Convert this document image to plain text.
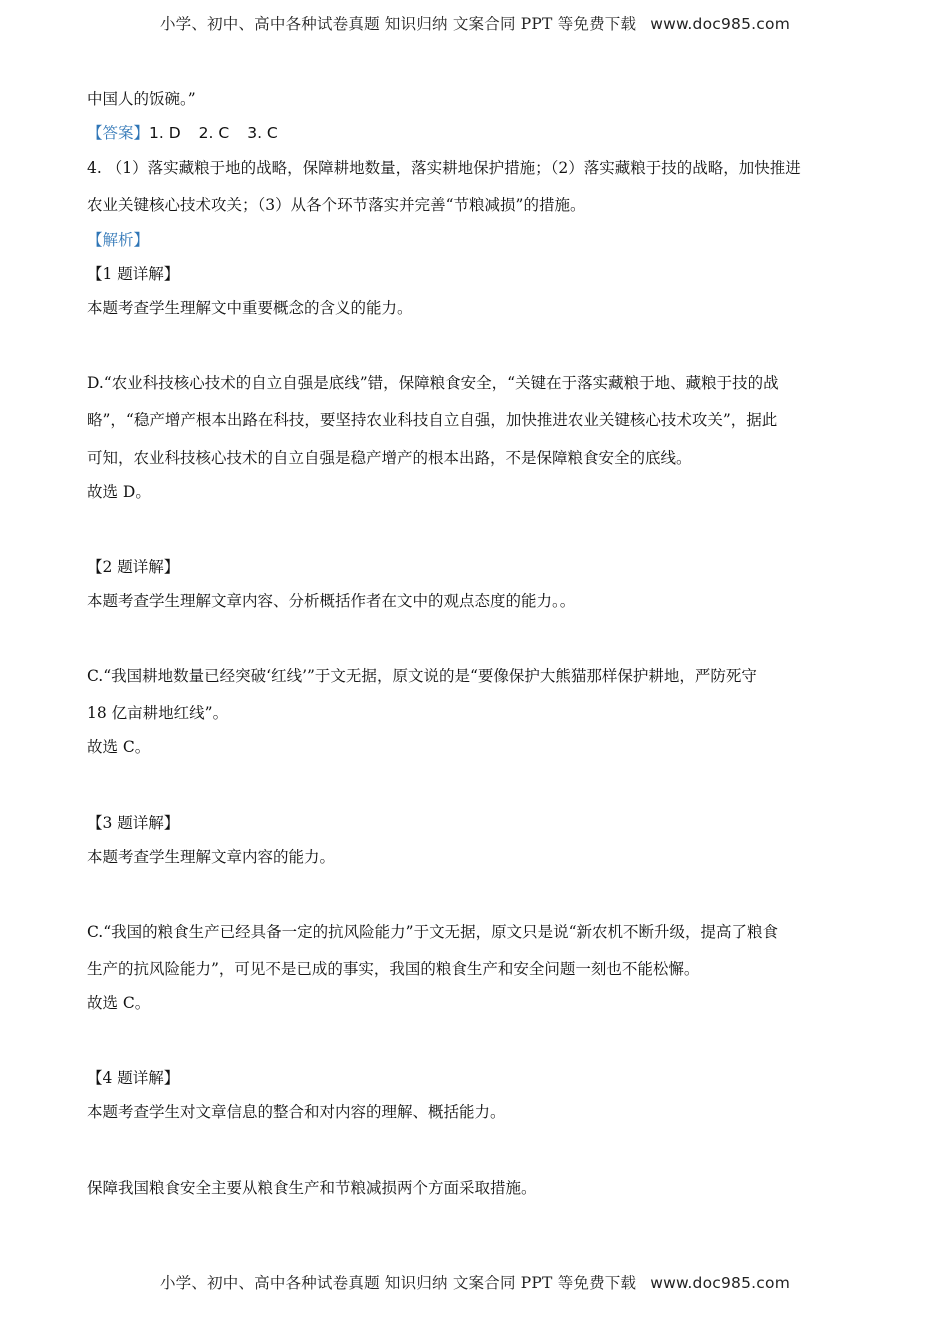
小学、初中、高中各种试卷真题 知识归纳 文案合同 PPT 等免费下载 www.doc985.com
中国人的饭碗。”
【答案】1. D 2. C 3. C
4. （1）落实藏粮于地的战略，保障耕地数量，落实耕地保护措施；（2）落实藏粮于技的战略，加快推进
农业关键核心技术攻关；（3）从各个环节落实并完善“节粮减损”的措施。
【解析】
【1 题详解】
本题考查学生理解文中重要概念的含义的能力。
D.“农业科技核心技术的自立自强是底线”错，保障粮食安全，“关键在于落实藏粮于地、藏粮于技的战
略”，“稳产增产根本出路在科技，要坚持农业科技自立自强，加快推进农业关键核心技术攻关”，据此
可知，农业科技核心技术的自立自强是稳产增产的根本出路，不是保障粮食安全的底线。
故选 D。
【2 题详解】
本题考查学生理解文章内容、分析概括作者在文中的观点态度的能力。。
C.“我国耕地数量已经突破‘红线’”于文无据，原文说的是“要像保护大熊猫那样保护耕地，严防死守
18 亿亩耕地红线”。
故选 C。
【3 题详解】
本题考查学生理解文章内容的能力。
C.“我国的粮食生产已经具备一定的抗风险能力”于文无据，原文只是说“新农机不断升级，提高了粮食
生产的抗风险能力”，可见不是已成的事实，我国的粮食生产和安全问题一刻也不能松懈。
故选 C。
【4 题详解】
本题考查学生对文章信息的整合和对内容的理解、概括能力。
保障我国粮食安全主要从粮食生产和节粮减损两个方面采取措施。
小学、初中、高中各种试卷真题 知识归纳 文案合同 PPT 等免费下载 www.doc985.com
